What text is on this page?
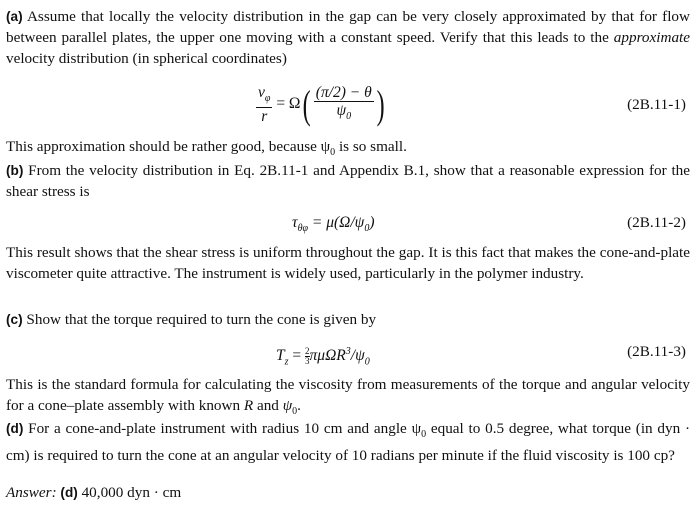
(a) Assume that locally the velocity distribution in the gap can be very closely approximated by that for flow between parallel plates, the upper one moving with a constant speed. Verify that this leads to the approximate velocity distribution (in spherical coordinates)

$\frac{v_\varphi}{r} = \Omega( \frac{(\pi/2) - \theta}{\psi_0}$ )	(2B.11-1)

This approximation should be rather good, because $\psi_0$ is so small.

(b) From the velocity distribution in Eq. 2B.11-1 and Appendix B.1, show that a reasonable expression for the shear stress is

$\tau_{\theta\varphi} = \mu(\Omega/\psi_0)$	(2B.11-2)

This result shows that the shear stress is uniform throughout the gap. It is this fact that makes the cone-and-plate viscometer quite attractive. The instrument is widely used, particularly in the polymer industry.

(c) Show that the torque required to turn the cone is given by

$T_z = \frac{2}{3} \pi\mu\Omega R^3/\psi_0$
(2B.11-3)

This is the standard formula for calculating the viscosity from measurements of the torque and angular velocity for a cone–plate assembly with known R and $\psi_0$.

(d) For a cone-and-plate instrument with radius 10 cm and angle $\psi_0$ equal to 0.5 degree, what torque (in dyn · cm) is required to turn the cone at an angular velocity of 10 radians per minute if the fluid viscosity is 100 cp?

Answer: (d) 40,000 dyn · cm
